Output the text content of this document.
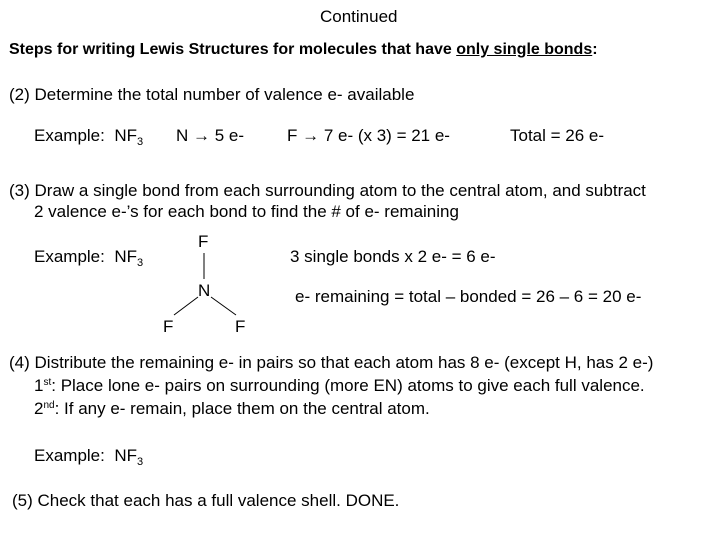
Continued
Steps for writing Lewis Structures for molecules that have only single bonds:
(2) Determine the total number of valence e- available
Example: $NF_3$ N → 5 e-	F → 7 e- (x 3) = 21 e-	Total = 26 e-
(3) Draw a single bond from each surrounding atom to the central atom, and subtract
2 valence e-’s for each bond to find the # of e- remaining
Example: $NF_3$
F
N
F	F
3 single bonds x 2 e- = 6 e-
e- remaining = total – bonded = 26 – 6 = 20 e-
(4) Distribute the remaining e- in pairs so that each atom has 8 e- (except H, has 2 e-)
1st: Place lone e- pairs on surrounding (more EN) atoms to give each full valence.
2nd: If any e- remain, place them on the central atom.
Example: $NF_3$
(5) Check that each has a full valence shell. DONE.
